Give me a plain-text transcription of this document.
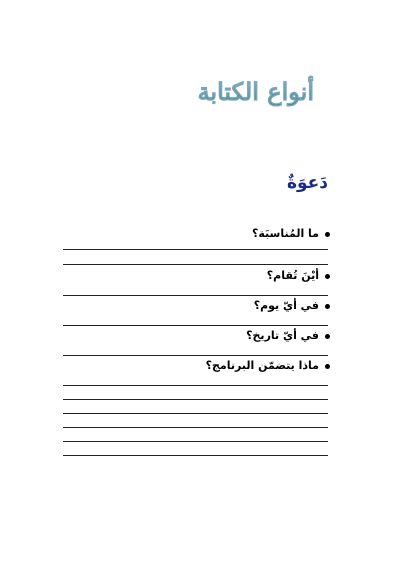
أنواع الكتابة
دَعوَةٌ
ما المُناسبَة؟
أيْنَ تُقام؟
في أيّ يوم؟
في أيّ تاريخ؟
ماذا يتضمّن البرنامج؟
